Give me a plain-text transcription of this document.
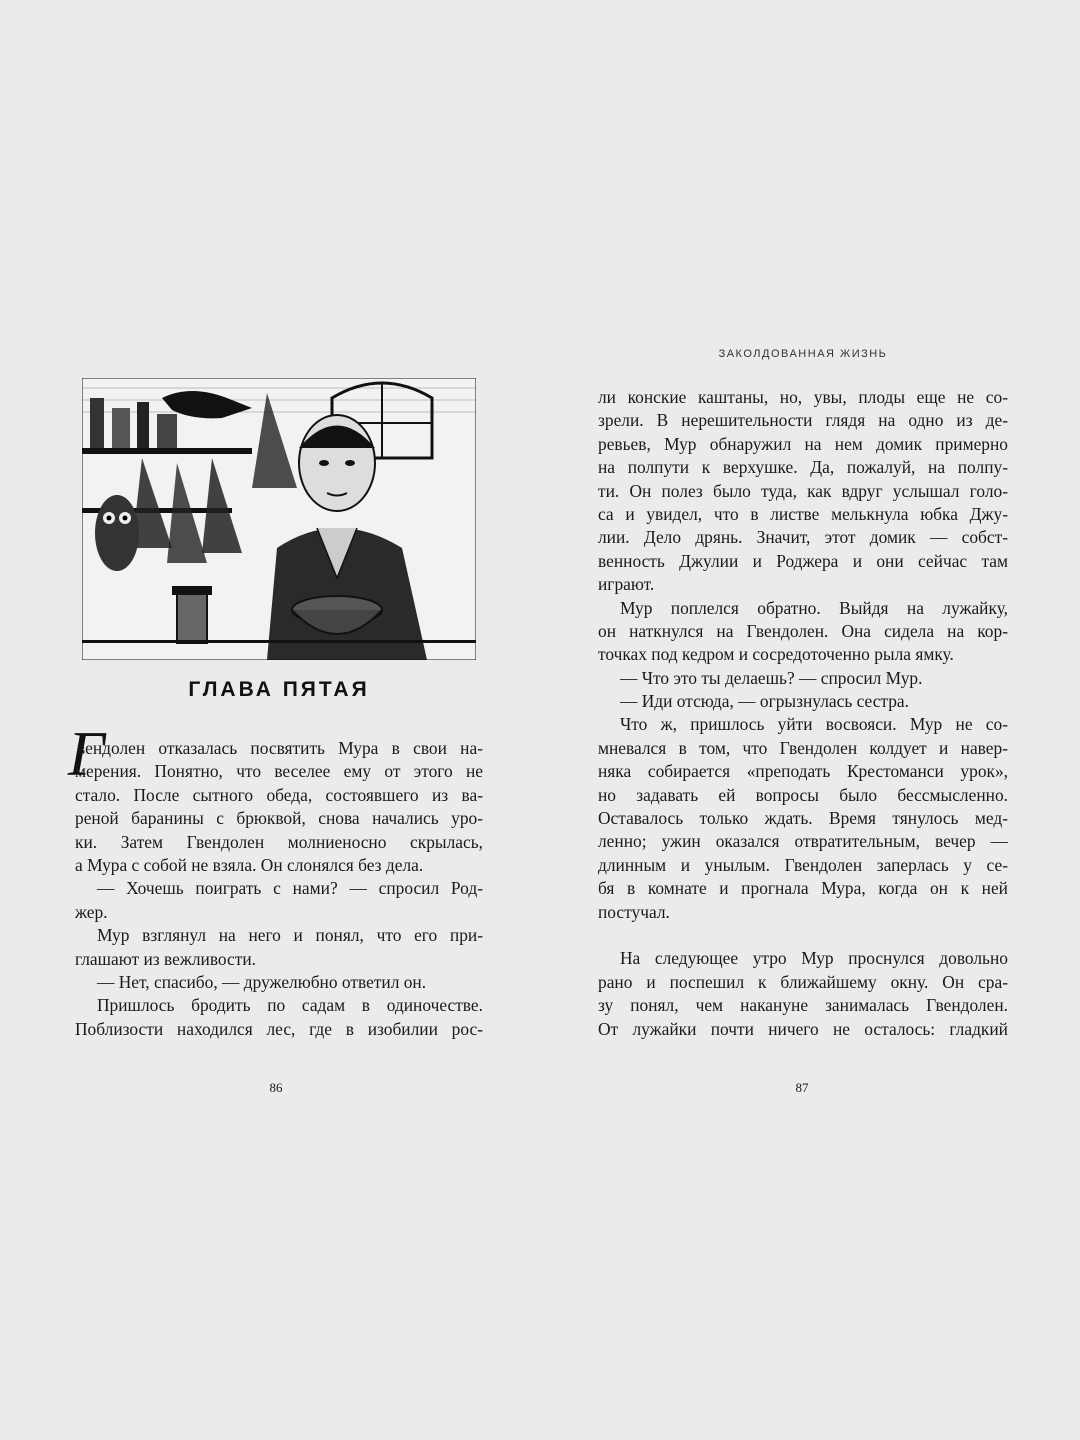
ГЛАВА ПЯТАЯ
ЗАКОЛДОВАННАЯ ЖИЗНЬ
Г
вендолен отказалась посвятить Мура в свои на-
мерения. Понятно, что веселее ему от этого не
стало. После сытного обеда, состоявшего из ва-
реной баранины с брюквой, снова начались уро-
ки. Затем Гвендолен молниеносно скрылась,
а Мура с собой не взяла. Он слонялся без дела.
— Хочешь поиграть с нами? — спросил Род-
жер.
Мур взглянул на него и понял, что его при-
глашают из вежливости.
— Нет, спасибо, — дружелюбно ответил он.
Пришлось бродить по садам в одиночестве.
Поблизости находился лес, где в изобилии рос-
ли конские каштаны, но, увы, плоды еще не со-
зрели. В нерешительности глядя на одно из де-
ревьев, Мур обнаружил на нем домик примерно
на полпути к верхушке. Да, пожалуй, на полпу-
ти. Он полез было туда, как вдруг услышал голо-
са и увидел, что в листве мелькнула юбка Джу-
лии. Дело дрянь. Значит, этот домик — собст-
венность Джулии и Роджера и они сейчас там
играют.
Мур поплелся обратно. Выйдя на лужайку,
он наткнулся на Гвендолен. Она сидела на кор-
точках под кедром и сосредоточенно рыла ямку.
— Что это ты делаешь? — спросил Мур.
— Иди отсюда, — огрызнулась сестра.
Что ж, пришлось уйти восвояси. Мур не со-
мневался в том, что Гвендолен колдует и навер-
няка собирается «преподать Крестоманси урок»,
но задавать ей вопросы было бессмысленно.
Оставалось только ждать. Время тянулось мед-
ленно; ужин оказался отвратительным, вечер —
длинным и унылым. Гвендолен заперлась у се-
бя в комнате и прогнала Мура, когда он к ней
постучал.
На следующее утро Мур проснулся довольно
рано и поспешил к ближайшему окну. Он сра-
зу понял, чем накануне занималась Гвендолен.
От лужайки почти ничего не осталось: гладкий
86	87
